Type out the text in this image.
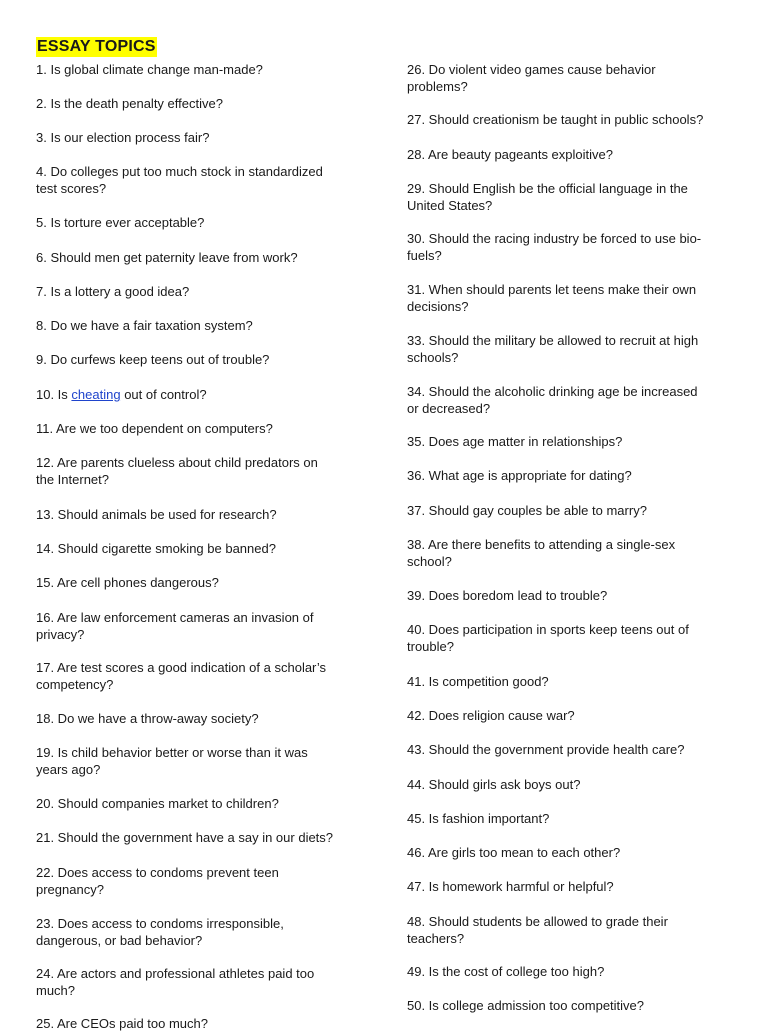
ESSAY TOPICS

1. Is global climate change man-made?

2. Is the death penalty effective?

3. Is our election process fair?

4. Do colleges put too much stock in standardized
test scores?

5. Is torture ever acceptable?

6. Should men get paternity leave from work?

7. Is a lottery a good idea?

8. Do we have a fair taxation system?

9. Do curfews keep teens out of trouble?

10. Is cheating out of control?

11. Are we too dependent on computers?

12. Are parents clueless about child predators on
the Internet?

13. Should animals be used for research?

14. Should cigarette smoking be banned?

15. Are cell phones dangerous?

16. Are law enforcement cameras an invasion of
privacy?

17. Are test scores a good indication of a scholar’s
competency?

18. Do we have a throw-away society?

19. Is child behavior better or worse than it was
years ago?

20. Should companies market to children?

21. Should the government have a say in our diets?

22. Does access to condoms prevent teen
pregnancy?

23. Does access to condoms irresponsible,
dangerous, or bad behavior?

24. Are actors and professional athletes paid too
much?

25. Are CEOs paid too much?

26. Do violent video games cause behavior
problems?

27. Should creationism be taught in public schools?

28. Are beauty pageants exploitive?

29. Should English be the official language in the
United States?

30. Should the racing industry be forced to use bio-
fuels?

31. When should parents let teens make their own
decisions?

33. Should the military be allowed to recruit at high
schools?

34. Should the alcoholic drinking age be increased
or decreased?

35. Does age matter in relationships?

36. What age is appropriate for dating?

37. Should gay couples be able to marry?

38. Are there benefits to attending a single-sex
school?

39. Does boredom lead to trouble?

40. Does participation in sports keep teens out of
trouble?

41. Is competition good?

42. Does religion cause war?

43. Should the government provide health care?

44. Should girls ask boys out?

45. Is fashion important?

46. Are girls too mean to each other?

47. Is homework harmful or helpful?

48. Should students be allowed to grade their
teachers?

49. Is the cost of college too high?

50. Is college admission too competitive?
